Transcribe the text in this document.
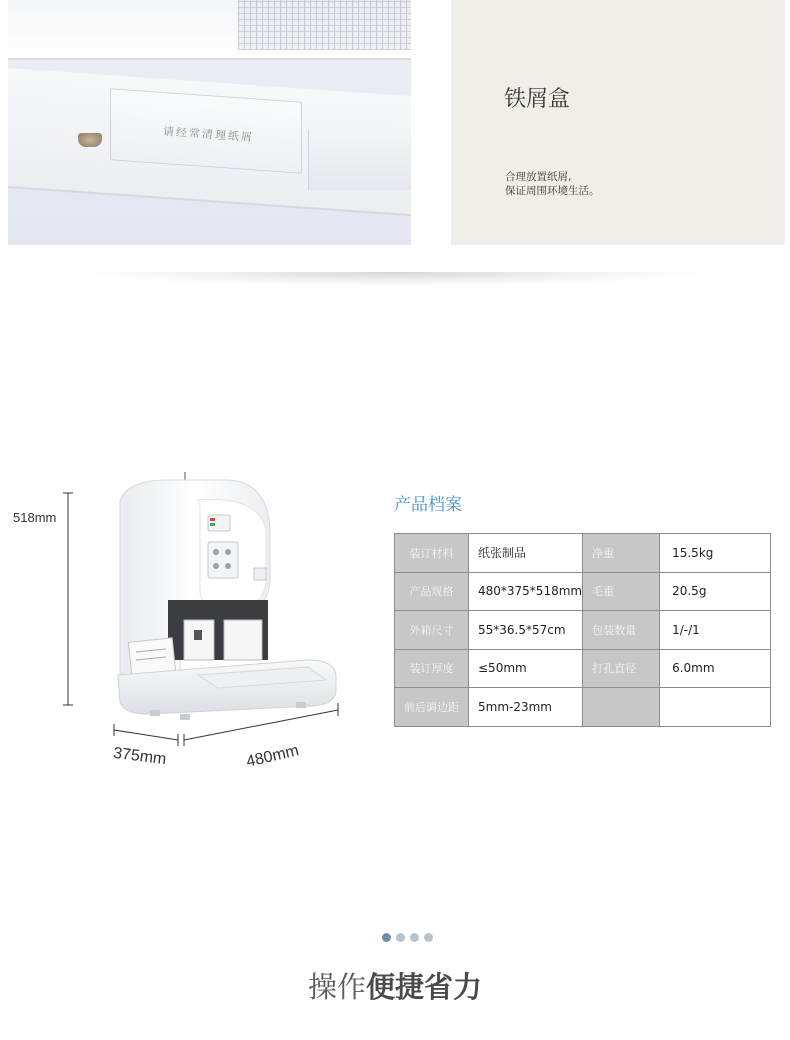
请经常清理纸屑
铁屑盒
合理放置纸屑,
保证周围环境生活。
518mm
375mm	480mm
产品档案
装订材料	纸张制品	净重	15.5kg
产品规格	480*375*518mm	毛重	20.5g
外箱尺寸	55*36.5*57cm	包装数量	1/-/1
装订厚度	≤50mm	打孔直径	6.0mm
前后调边距	5mm-23mm		
操作便捷省力
